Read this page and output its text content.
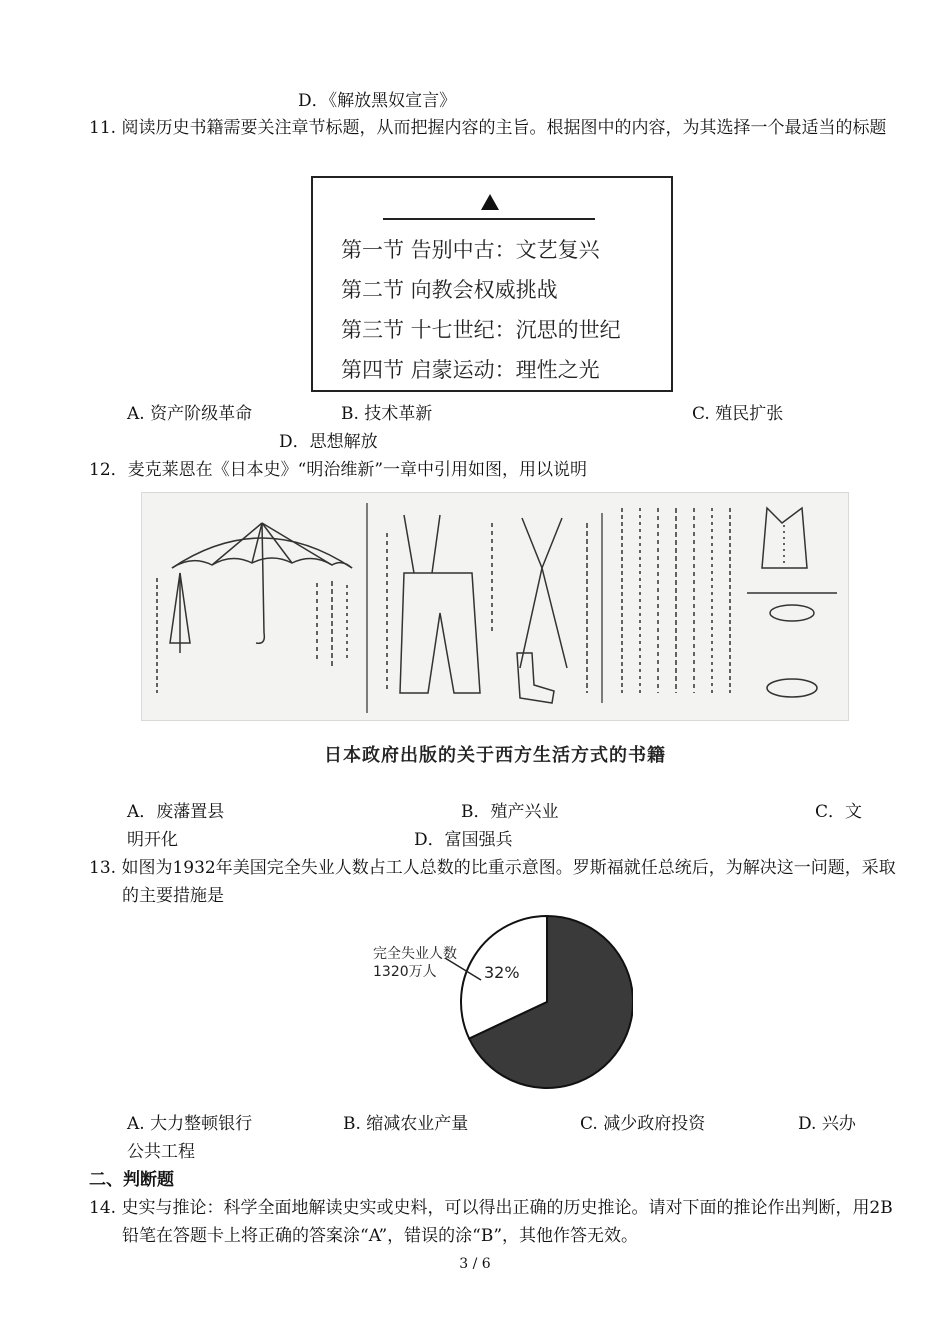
D．《解放黑奴宣言》
11. 阅读历史书籍需要关注章节标题，从而把握内容的主旨。根据图中的内容，为其选择一个最适当的标题
第一节 告别中古：文艺复兴
第二节 向教会权威挑战
第三节 十七世纪：沉思的世纪
第四节 启蒙运动：理性之光
A. 资产阶级革命	B. 技术革新	C. 殖民扩张
D．思想解放
12．麦克莱恩在《日本史》“明治维新”一章中引用如图，用以说明
日本政府出版的关于西方生活方式的书籍
A．废藩置县	B．殖产兴业	C．文
明开化	D．富国强兵
13. 如图为1932年美国完全失业人数占工人总数的比重示意图。罗斯福就任总统后，为解决这一问题，采取的主要措施是
完全失业人数
1320万人	32%
A. 大力整顿银行	B. 缩减农业产量	C. 减少政府投资	D. 兴办
公共工程
二、判断题
14. 史实与推论：科学全面地解读史实或史料，可以得出正确的历史推论。请对下面的推论作出判断，用2B铅笔在答题卡上将正确的答案涂“A”，错误的涂“B”，其他作答无效。
3 / 6
